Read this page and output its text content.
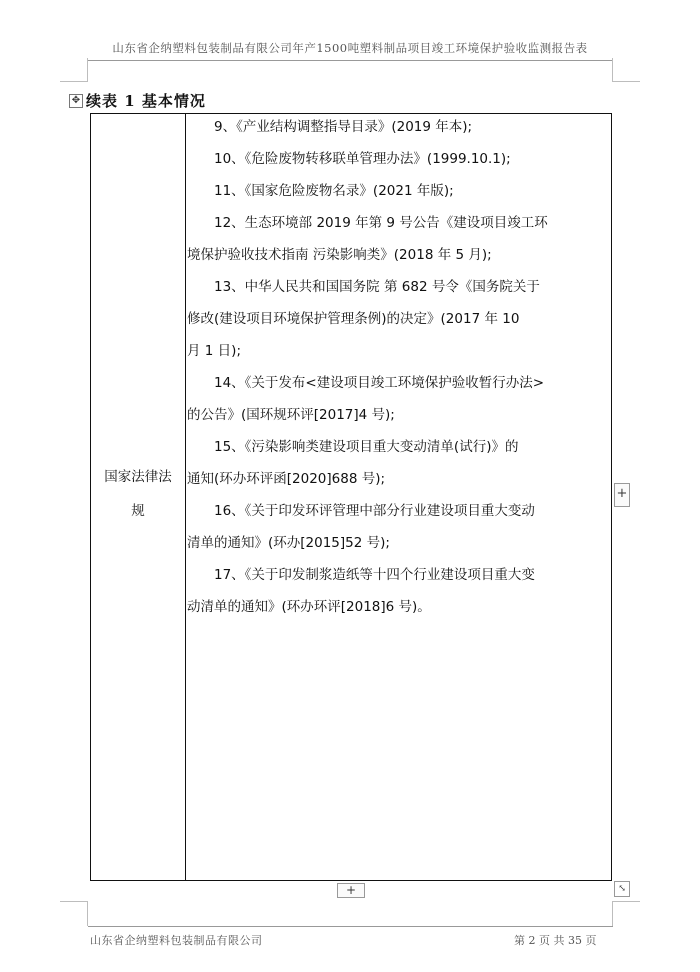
山东省企纳塑料包装制品有限公司年产1500吨塑料制品项目竣工环境保护验收监测报告表
✥ 续表 1 基本情况
国家法律法
规
9、《产业结构调整指导目录》(2019 年本);
10、《危险废物转移联单管理办法》(1999.10.1);
11、《国家危险废物名录》(2021 年版);
12、生态环境部 2019 年第 9 号公告《建设项目竣工环
境保护验收技术指南 污染影响类》(2018 年 5 月);
13、中华人民共和国国务院 第 682 号令《国务院关于
修改(建设项目环境保护管理条例)的决定》(2017 年 10
月 1 日);
14、《关于发布<建设项目竣工环境保护验收暂行办法>
的公告》(国环规环评[2017]4 号);
15、《污染影响类建设项目重大变动清单(试行)》的
通知(环办环评函[2020]688 号);
16、《关于印发环评管理中部分行业建设项目重大变动
清单的通知》(环办[2015]52 号);
17、《关于印发制浆造纸等十四个行业建设项目重大变
动清单的通知》(环办环评[2018]6 号)。
+
+	⤡
山东省企纳塑料包装制品有限公司	第 2 页 共 35 页
